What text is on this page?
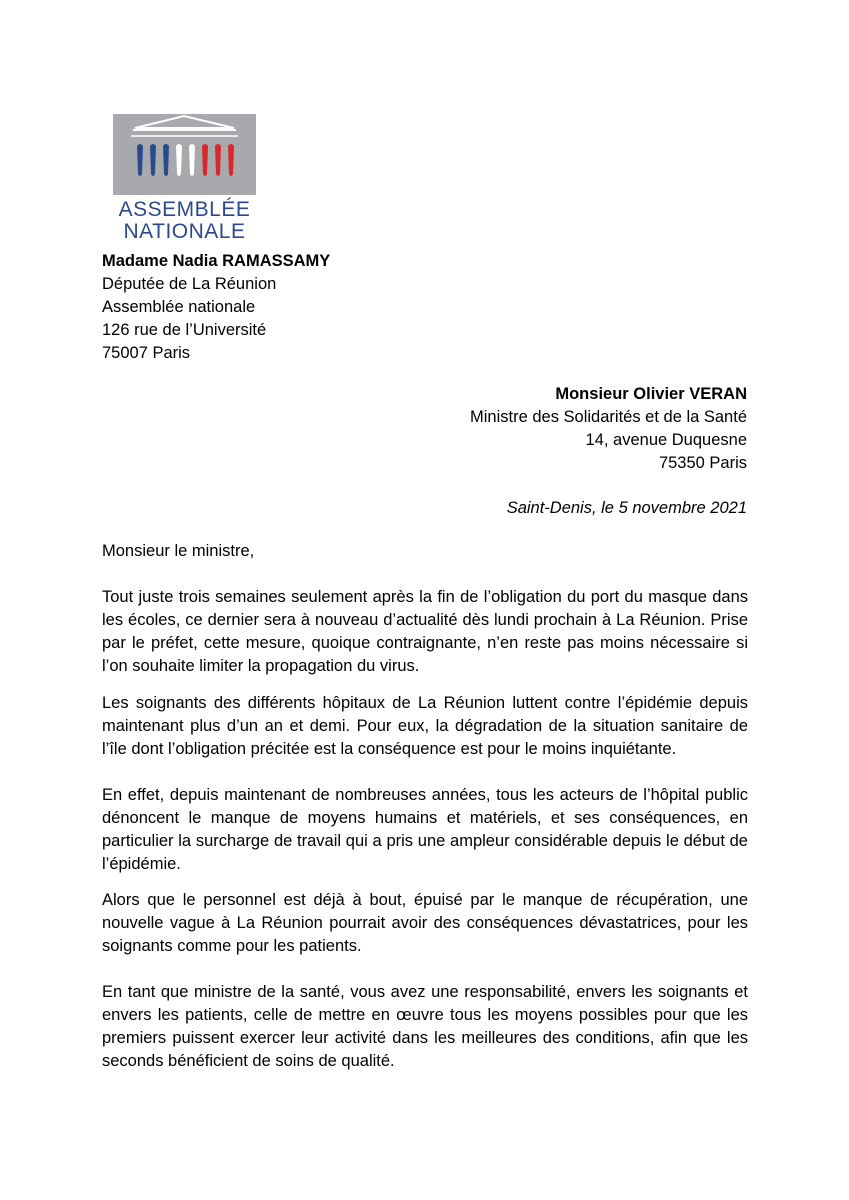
ASSEMBLÉE
NATIONALE
Madame Nadia RAMASSAMY
Députée de La Réunion
Assemblée nationale
126 rue de l’Université
75007 Paris
Monsieur Olivier VERAN
Ministre des Solidarités et de la Santé
14, avenue Duquesne
75350 Paris
Saint-Denis, le 5 novembre 2021
Monsieur le ministre,
Tout juste trois semaines seulement après la fin de l’obligation du port du masque dans les écoles, ce dernier sera à nouveau d’actualité dès lundi prochain à La Réunion. Prise par le préfet, cette mesure, quoique contraignante, n’en reste pas moins nécessaire si l’on souhaite limiter la propagation du virus.
Les soignants des différents hôpitaux de La Réunion luttent contre l’épidémie depuis maintenant plus d’un an et demi. Pour eux, la dégradation de la situation sanitaire de l’île dont l’obligation précitée est la conséquence est pour le moins inquiétante.
En effet, depuis maintenant de nombreuses années, tous les acteurs de l’hôpital public dénoncent le manque de moyens humains et matériels, et ses conséquences, en particulier la surcharge de travail qui a pris une ampleur considérable depuis le début de l’épidémie.
Alors que le personnel est déjà à bout, épuisé par le manque de récupération, une nouvelle vague à La Réunion pourrait avoir des conséquences dévastatrices, pour les soignants comme pour les patients.
En tant que ministre de la santé, vous avez une responsabilité, envers les soignants et envers les patients, celle de mettre en œuvre tous les moyens possibles pour que les premiers puissent exercer leur activité dans les meilleures des conditions, afin que les seconds bénéficient de soins de qualité.
